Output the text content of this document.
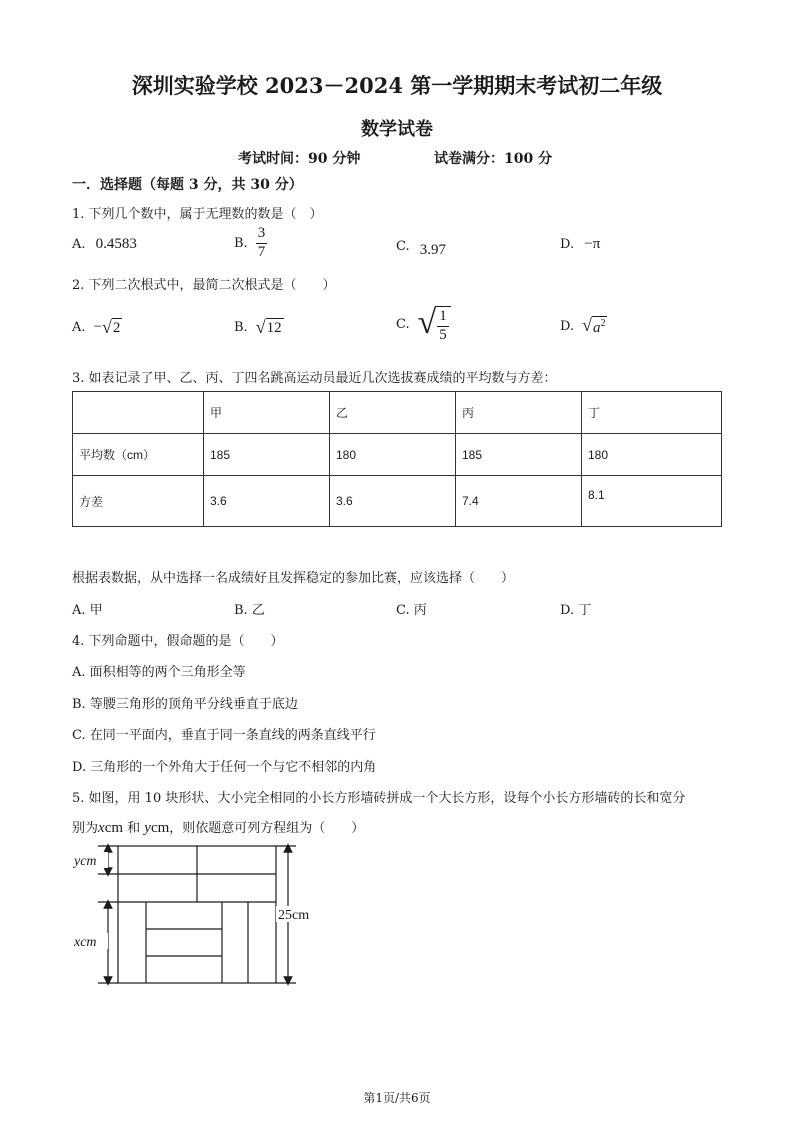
深圳实验学校 2023－2024 第一学期期末考试初二年级
数学试卷
考试时间：90 分钟	试卷满分：100 分
一．选择题（每题 3 分，共 30 分）
1. 下列几个数中，属于无理数的数是（　）
A. 0.4583	B. $\frac{3}{7}$	C. 3.97	D. −π
2. 下列二次根式中，最简二次根式是（　　）
A. − √ 2	B. √ 12	C. √ $\frac{1}{5}$	D. √ $a^2$
3. 如表记录了甲、乙、丙、丁四名跳高运动员最近几次选拔赛成绩的平均数与方差：
	甲	乙	丙	丁
平均数（cm）	185	180	185	180
方差	3.6	3.6	7.4	8.1
根据表数据，从中选择一名成绩好且发挥稳定的参加比赛，应该选择（　　）
A. 甲	B. 乙	C. 丙	D. 丁
4. 下列命题中，假命题的是（　　）
A. 面积相等的两个三角形全等
B. 等腰三角形的顶角平分线垂直于底边
C. 在同一平面内，垂直于同一条直线的两条直线平行
D. 三角形的一个外角大于任何一个与它不相邻的内角
5. 如图，用 10 块形状、大小完全相同的小长方形墙砖拼成一个大长方形，设每个小长方形墙砖的长和宽分
别为xcm 和 ycm，则依题意可列方程组为（　　）
ycm
xcm
25cm
第1页/共6页
